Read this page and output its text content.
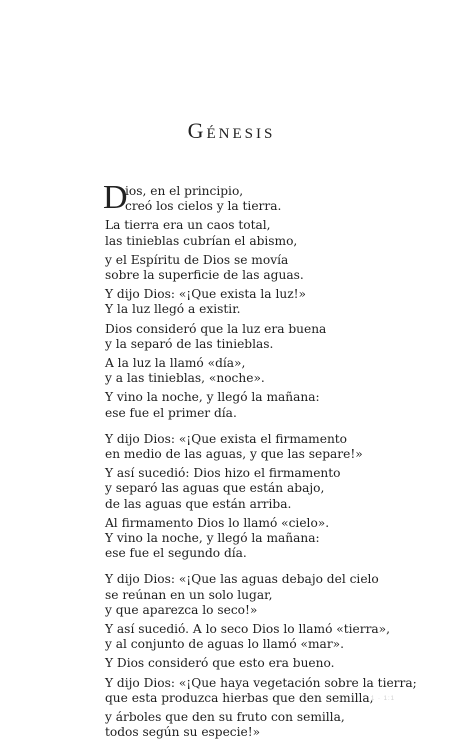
Génesis
D
ios, en el principio,
creó los cielos y la tierra.
La tierra era un caos total,
las tinieblas cubrían el abismo,
y el Espíritu de Dios se movía
sobre la superficie de las aguas.
Y dijo Dios: «¡Que exista la luz!»
Y la luz llegó a existir.
Dios consideró que la luz era buena
y la separó de las tinieblas.
A la luz la llamó «día»,
y a las tinieblas, «noche».
Y vino la noche, y llegó la mañana:
ese fue el primer día.
Y dijo Dios: «¡Que exista el firmamento
en medio de las aguas, y que las separe!»
Y así sucedió: Dios hizo el firmamento
y separó las aguas que están abajo,
de las aguas que están arriba.
Al firmamento Dios lo llamó «cielo».
Y vino la noche, y llegó la mañana:
ese fue el segundo día.
Y dijo Dios: «¡Que las aguas debajo del cielo
se reúnan en un solo lugar,
y que aparezca lo seco!»
Y así sucedió. A lo seco Dios lo llamó «tierra»,
y al conjunto de aguas lo llamó «mar».
Y Dios consideró que esto era bueno.
Y dijo Dios: «¡Que haya vegetación sobre la tierra;
que esta produzca hierbas que den semilla,
y árboles que den su fruto con semilla,
todos según su especie!»
1 · 1:1
